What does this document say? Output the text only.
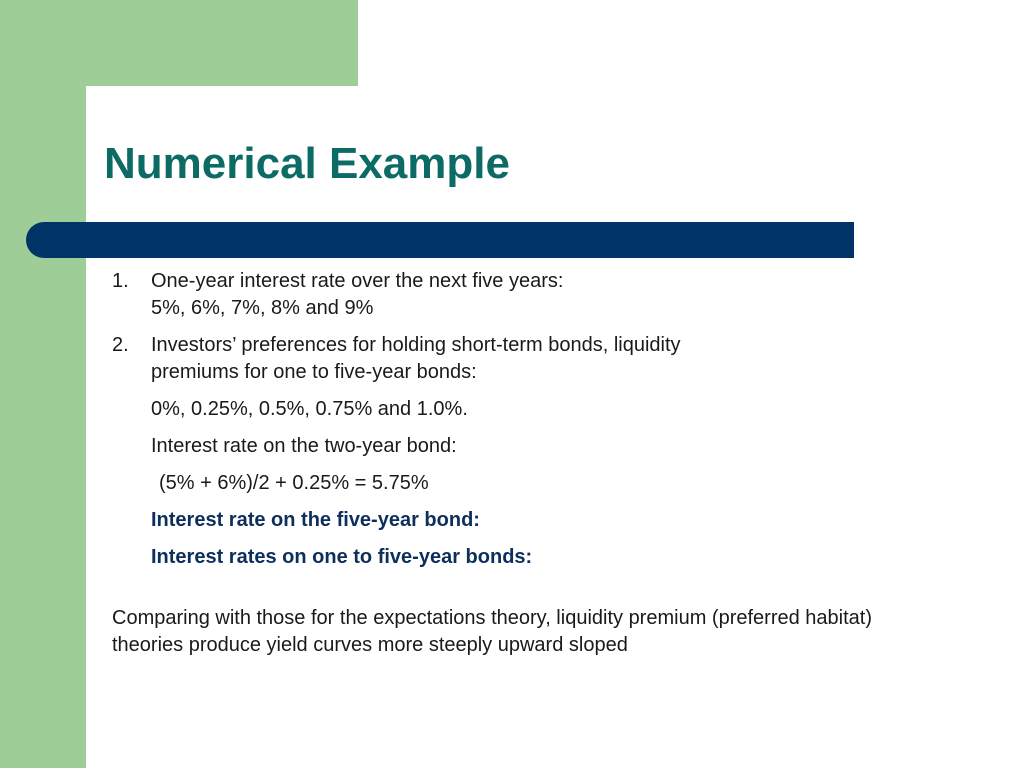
Numerical Example
1. One-year interest rate over the next five years:
5%, 6%, 7%, 8% and 9%
2. Investors’ preferences for holding short-term bonds, liquidity
premiums for one to five-year bonds:
0%, 0.25%, 0.5%, 0.75% and 1.0%.
Interest rate on the two-year bond:
(5% + 6%)/2 + 0.25% = 5.75%
Interest rate on the five-year bond:
Interest rates on one to five-year bonds:
Comparing with those for the expectations theory, liquidity premium (preferred habitat) theories produce yield curves more steeply upward sloped
